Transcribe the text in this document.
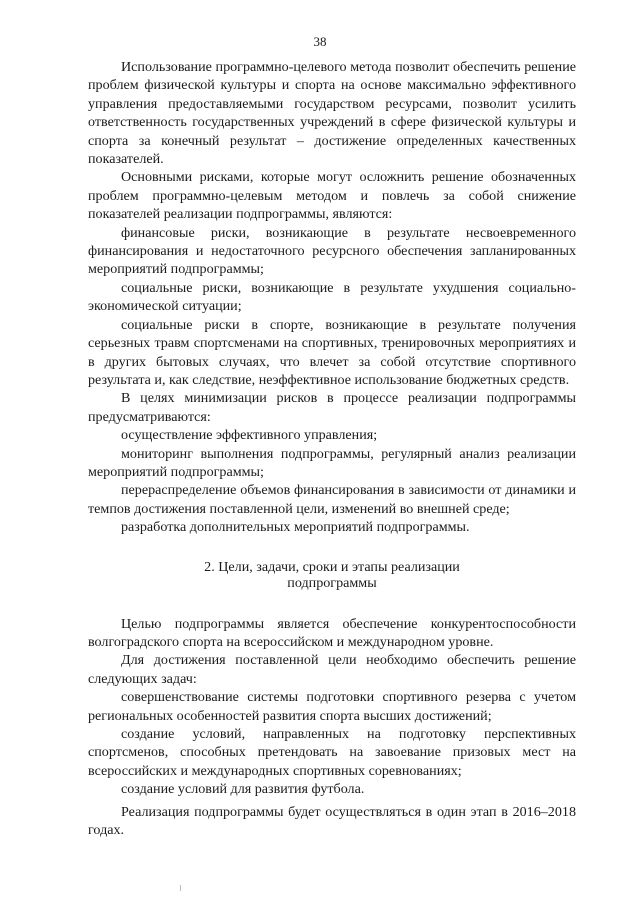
38

Использование программно-целевого метода позволит обеспечить решение проблем физической культуры и спорта на основе максимально эффективного управления предоставляемыми государством ресурсами, позволит усилить ответственность государственных учреждений в сфере физической культуры и спорта за конечный результат – достижение определенных качественных показателей.

Основными рисками, которые могут осложнить решение обозначенных проблем программно-целевым методом и повлечь за собой снижение показателей реализации подпрограммы, являются:

финансовые риски, возникающие в результате несвоевременного финансирования и недостаточного ресурсного обеспечения запланированных мероприятий подпрограммы;

социальные риски, возникающие в результате ухудшения социально-экономической ситуации;

социальные риски в спорте, возникающие в результате получения серьезных травм спортсменами на спортивных, тренировочных мероприятиях и в других бытовых случаях, что влечет за собой отсутствие спортивного результата и, как следствие, неэффективное использование бюджетных средств.

В целях минимизации рисков в процессе реализации подпрограммы предусматриваются:

осуществление эффективного управления;

мониторинг выполнения подпрограммы, регулярный анализ реализации мероприятий подпрограммы;

перераспределение объемов финансирования в зависимости от динамики и темпов достижения поставленной цели, изменений во внешней среде;

разработка дополнительных мероприятий подпрограммы.

2. Цели, задачи, сроки и этапы реализации
подпрограммы

Целью подпрограммы является обеспечение конкурентоспособности волгоградского спорта на всероссийском и международном уровне.

Для достижения поставленной цели необходимо обеспечить решение следующих задач:

совершенствование системы подготовки спортивного резерва с учетом региональных особенностей развития спорта высших достижений;

создание условий, направленных на подготовку перспективных спортсменов, способных претендовать на завоевание призовых мест на всероссийских и международных спортивных соревнованиях;

создание условий для развития футбола.

Реализация подпрограммы будет осуществляться в один этап в 2016–2018 годах.
